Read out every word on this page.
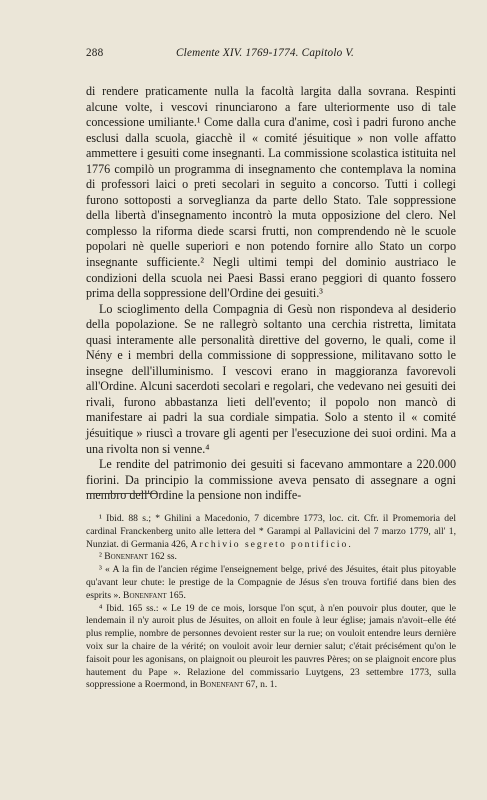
288	Clemente XIV. 1769-1774. Capitolo V.

di rendere praticamente nulla la facoltà largita dalla sovrana. Respinti alcune volte, i vescovi rinunciarono a fare ulteriormente uso di tale concessione umiliante.¹ Come dalla cura d'anime, così i padri furono anche esclusi dalla scuola, giacchè il « comité jésuitique » non volle affatto ammettere i gesuiti come insegnanti. La commissione scolastica istituita nel 1776 compilò un programma di insegnamento che contemplava la nomina di professori laici o preti secolari in seguito a concorso. Tutti i collegi furono sottoposti a sorveglianza da parte dello Stato. Tale soppressione della libertà d'insegnamento incontrò la muta opposizione del clero. Nel complesso la riforma diede scarsi frutti, non comprendendo nè le scuole popolari nè quelle superiori e non potendo fornire allo Stato un corpo insegnante sufficiente.² Negli ultimi tempi del dominio austriaco le condizioni della scuola nei Paesi Bassi erano peggiori di quanto fossero prima della soppressione dell'Ordine dei gesuiti.³

Lo scioglimento della Compagnia di Gesù non rispondeva al desiderio della popolazione. Se ne rallegrò soltanto una cerchia ristretta, limitata quasi interamente alle personalità direttive del governo, le quali, come il Nény e i membri della commissione di soppressione, militavano sotto le insegne dell'illuminismo. I vescovi erano in maggioranza favorevoli all'Ordine. Alcuni sacerdoti secolari e regolari, che vedevano nei gesuiti dei rivali, furono abbastanza lieti dell'evento; il popolo non mancò di manifestare ai padri la sua cordiale simpatia. Solo a stento il « comité jésuitique » riuscì a trovare gli agenti per l'esecuzione dei suoi ordini. Ma a una rivolta non si venne.⁴

Le rendite del patrimonio dei gesuiti si facevano ammontare a 220.000 fiorini. Da principio la commissione aveva pensato di assegnare a ogni membro dell'Ordine la pensione non indiffe-

¹ Ibid. 88 s.; * Ghilini a Macedonio, 7 dicembre 1773, loc. cit. Cfr. il Promemoria del cardinal Franckenberg unito alle lettera del * Garampi al Pallavicini del 7 marzo 1779, all' 1, Nunziat. di Germania 426, Archivio segreto pontificio.

² Bonenfant 162 ss.

³ « A la fin de l'ancien régime l'enseignement belge, privé des Jésuites, était plus pitoyable qu'avant leur chute: le prestige de la Compagnie de Jésus s'en trouva fortifié dans bien des esprits ». Bonenfant 165.

⁴ Ibid. 165 ss.: « Le 19 de ce mois, lorsque l'on sçut, à n'en pouvoir plus douter, que le lendemain il n'y auroit plus de Jésuites, on alloit en foule à leur église; jamais n'avoit–elle été plus remplie, nombre de personnes devoient rester sur la rue; on vouloit entendre leurs dernière voix sur la chaire de la vérité; on vouloit avoir leur dernier salut; c'était précisément qu'on le faisoit pour les agonisans, on plaignoit ou pleuroit les pauvres Pères; on se plaignoit encore plus hautement du Pape ». Relazione del commissario Luytgens, 23 settembre 1773, sulla soppressione a Roermond, in Bonenfant 67, n. 1.
